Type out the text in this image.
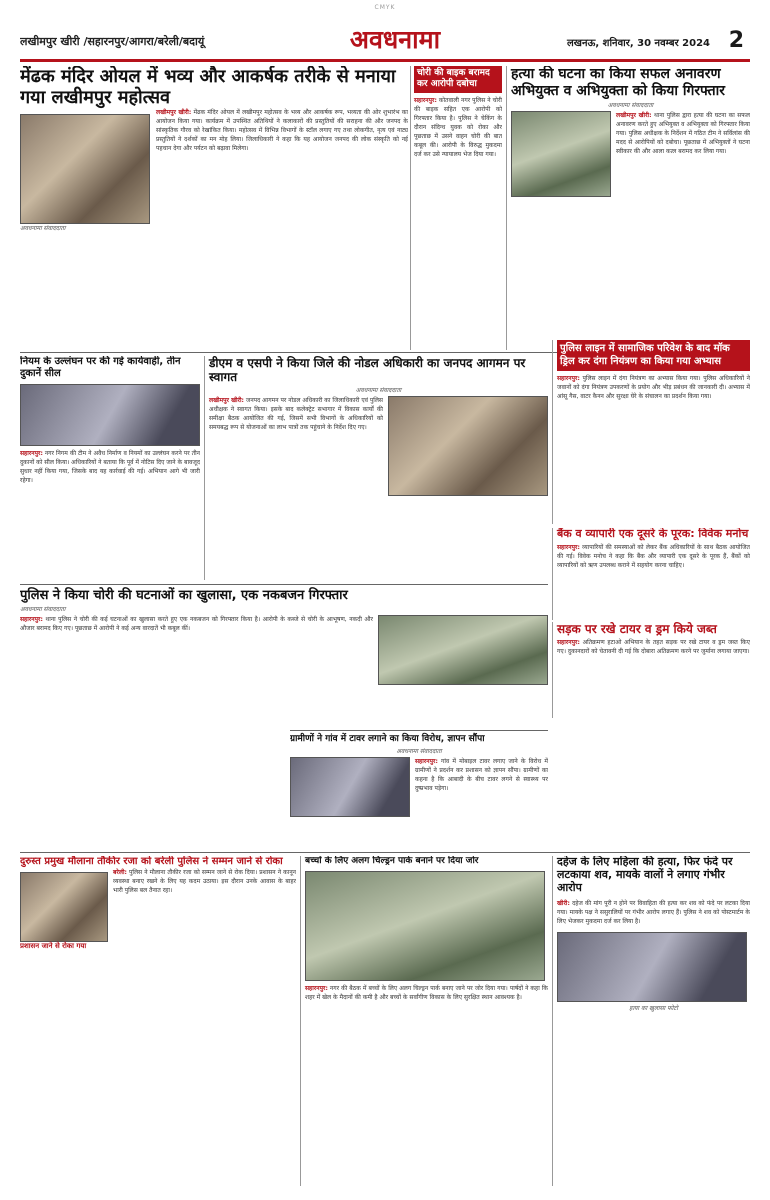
CMYK
लखीमपुर खीरी /सहारनपुर/आगरा/बरेली/बदायूं	अवधनामा	लखनऊ, शनिवार, 30 नवम्बर 2024 2
मेंढक मंदिर ओयल में भव्य और आकर्षक तरीके से मनाया गया लखीमपुर महोत्सव
लखीमपुर खीरी: मेंढक मंदिर ओयल में लखीमपुर महोत्सव के भव्य और आकर्षक रूप, भव्यता की ओर शुभारंभ का आयोजन किया गया। कार्यक्रम में उपस्थित अतिथियों ने कलाकारों की प्रस्तुतियों की सराहना की और जनपद के सांस्कृतिक गौरव को रेखांकित किया। महोत्सव में विभिन्न विभागों के स्टॉल लगाए गए तथा लोकगीत, नृत्य एवं नाट्य प्रस्तुतियों ने दर्शकों का मन मोह लिया। जिलाधिकारी ने कहा कि यह आयोजन जनपद की लोक संस्कृति को नई पहचान देगा और पर्यटन को बढ़ावा मिलेगा।
अवधनामा संवाददाता
चोरी की बाइक बरामद कर आरोपी दबोचा
सहारनपुर: कोतवाली नगर पुलिस ने चोरी की बाइक सहित एक आरोपी को गिरफ्तार किया है। पुलिस ने चेकिंग के दौरान संदिग्ध युवक को रोका और पूछताछ में उसने वाहन चोरी की बात कबूल की। आरोपी के विरुद्ध मुकदमा दर्ज कर उसे न्यायालय भेज दिया गया।
हत्या की घटना का किया सफल अनावरण अभियुक्त व अभियुक्ता को किया गिरफ्तार
अवधनामा संवाददाता
लखीमपुर खीरी: थाना पुलिस द्वारा हत्या की घटना का सफल अनावरण करते हुए अभियुक्त व अभियुक्ता को गिरफ्तार किया गया। पुलिस अधीक्षक के निर्देशन में गठित टीम ने सर्विलांस की मदद से आरोपियों को दबोचा। पूछताछ में अभियुक्तों ने घटना स्वीकार की और आला कत्ल बरामद कर लिया गया।
नियम के उल्लंघन पर की गई कार्यवाही, तीन दुकानें सील
सहारनपुर: नगर निगम की टीम ने अवैध निर्माण व नियमों का उल्लंघन करने पर तीन दुकानों को सील किया। अधिकारियों ने बताया कि पूर्व में नोटिस दिए जाने के बावजूद सुधार नहीं किया गया, जिसके बाद यह कार्रवाई की गई। अभियान आगे भी जारी रहेगा।
डीएम व एसपी ने किया जिले की नोडल अधिकारी का जनपद आगमन पर स्वागत
अवधनामा संवाददाता
लखीमपुर खीरी: जनपद आगमन पर नोडल अधिकारी का जिलाधिकारी एवं पुलिस अधीक्षक ने स्वागत किया। इसके बाद कलेक्ट्रेट सभागार में विकास कार्यों की समीक्षा बैठक आयोजित की गई, जिसमें सभी विभागों के अधिकारियों को समयबद्ध रूप से योजनाओं का लाभ पात्रों तक पहुंचाने के निर्देश दिए गए।
पुलिस लाइन में सामाजिक परिवेश के बाद मॉक ड्रिल कर दंगा नियंत्रण का किया गया अभ्यास
सहारनपुर: पुलिस लाइन में दंगा नियंत्रण का अभ्यास किया गया। पुलिस अधिकारियों ने जवानों को दंगा नियंत्रण उपकरणों के प्रयोग और भीड़ प्रबंधन की जानकारी दी। अभ्यास में आंसू गैस, वाटर कैनन और सुरक्षा घेरे के संचालन का प्रदर्शन किया गया।
बैंक व व्यापारी एक दूसरे के पूरक: विवेक मनोच
सहारनपुर: व्यापारियों की समस्याओं को लेकर बैंक अधिकारियों के साथ बैठक आयोजित की गई। विवेक मनोच ने कहा कि बैंक और व्यापारी एक दूसरे के पूरक हैं, बैंकों को व्यापारियों को ऋण उपलब्ध कराने में सहयोग करना चाहिए।
सड़क पर रखे टायर व ड्रम किये जब्त
सहारनपुर: अतिक्रमण हटाओ अभियान के तहत सड़क पर रखे टायर व ड्रम जब्त किए गए। दुकानदारों को चेतावनी दी गई कि दोबारा अतिक्रमण करने पर जुर्माना लगाया जाएगा।
पुलिस ने किया चोरी की घटनाओं का खुलासा, एक नकबजन गिरफ्तार
अवधनामा संवाददाता
सहारनपुर: थाना पुलिस ने चोरी की कई घटनाओं का खुलासा करते हुए एक नकबजन को गिरफ्तार किया है। आरोपी के कब्जे से चोरी के आभूषण, नकदी और औजार बरामद किए गए। पूछताछ में आरोपी ने कई अन्य वारदातें भी कबूल कीं।
ग्रामीणों ने गांव में टावर लगाने का किया विरोध, ज्ञापन सौंपा
अवधनामा संवाददाता
सहारनपुर: गांव में मोबाइल टावर लगाए जाने के विरोध में ग्रामीणों ने प्रदर्शन कर प्रशासन को ज्ञापन सौंपा। ग्रामीणों का कहना है कि आबादी के बीच टावर लगने से स्वास्थ्य पर दुष्प्रभाव पड़ेगा।
दुरुस्त प्रमुख मौलाना तौकीर रजा को बरेली पुलिस ने सम्मन जाने से रोका
बरेली: पुलिस ने मौलाना तौकीर रजा को सम्मन जाने से रोक दिया। प्रशासन ने कानून व्यवस्था बनाए रखने के लिए यह कदम उठाया। इस दौरान उनके आवास के बाहर भारी पुलिस बल तैनात रहा।
प्रशासन जाने से रोका गया
बच्चों के लिए अलग चिल्ड्रन पार्क बनाने पर दिया जोर
सहारनपुर: नगर की बैठक में बच्चों के लिए अलग चिल्ड्रन पार्क बनाए जाने पर जोर दिया गया। पार्षदों ने कहा कि शहर में खेल के मैदानों की कमी है और बच्चों के सर्वांगीण विकास के लिए सुरक्षित स्थान आवश्यक है।
दहेज के लिए महिला की हत्या, फिर फंदे पर लटकाया शव, मायके वालों ने लगाए गंभीर आरोप
खीरी: दहेज की मांग पूरी न होने पर विवाहिता की हत्या कर शव को फंदे पर लटका दिया गया। मायके पक्ष ने ससुरालियों पर गंभीर आरोप लगाए हैं। पुलिस ने शव को पोस्टमार्टम के लिए भेजकर मुकदमा दर्ज कर लिया है।
हत्या का खुलासा फोटो
